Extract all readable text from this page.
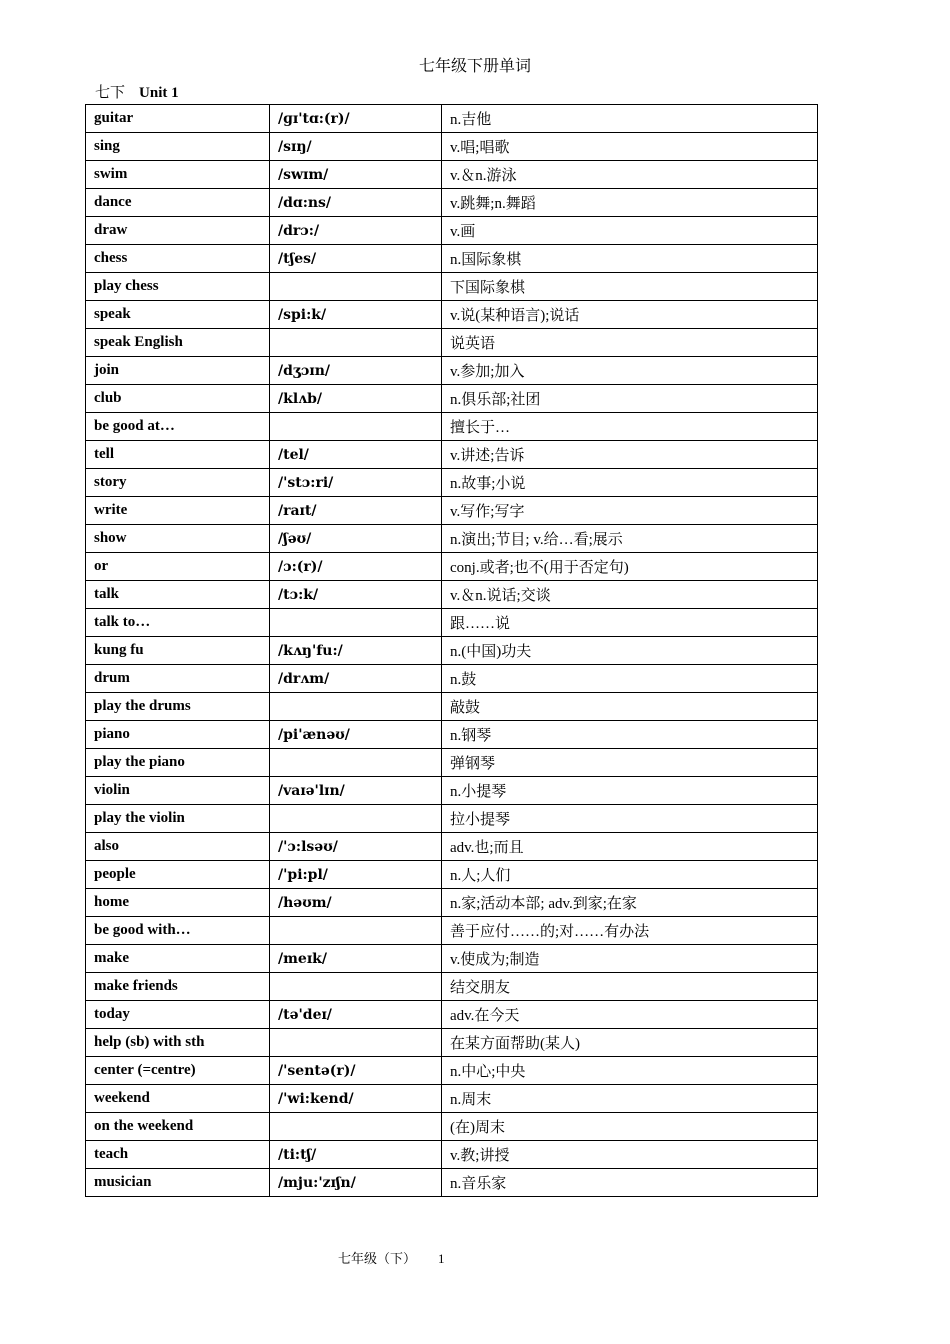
七年级下册单词
七下 Unit 1
guitar	/ɡɪ'tɑ:(r)/	n.吉他
sing	/sɪŋ/	v.唱;唱歌
swim	/swɪm/	v.＆n.游泳
dance	/dɑ:ns/	v.跳舞;n.舞蹈
draw	/drɔ:/	v.画
chess	/tʃes/	n.国际象棋
play chess		下国际象棋
speak	/spi:k/	v.说(某种语言);说话
speak English		说英语
join	/dʒɔɪn/	v.参加;加入
club	/klʌb/	n.俱乐部;社团
be good at…		擅长于…
tell	/tel/	v.讲述;告诉
story	/'stɔ:ri/	n.故事;小说
write	/raɪt/	v.写作;写字
show	/ʃəʊ/	n.演出;节目; v.给…看;展示
or	/ɔ:(r)/	conj.或者;也不(用于否定句)
talk	/tɔ:k/	v.＆n.说话;交谈
talk to…		跟……说
kung fu	/kʌŋ'fu:/	n.(中国)功夫
drum	/drʌm/	n.鼓
play the drums		敲鼓
piano	/pi'ænəʊ/	n.钢琴
play the piano		弹钢琴
violin	/vaɪə'lɪn/	n.小提琴
play the violin		拉小提琴
also	/'ɔ:lsəʊ/	adv.也;而且
people	/'pi:pl/	n.人;人们
home	/həʊm/	n.家;活动本部; adv.到家;在家
be good with…		善于应付……的;对……有办法
make	/meɪk/	v.使成为;制造
make friends		结交朋友
today	/tə'deɪ/	adv.在今天
help (sb) with sth		在某方面帮助(某人)
center (=centre)	/'sentə(r)/	n.中心;中央
weekend	/'wi:kend/	n.周末
on the weekend		(在)周末
teach	/ti:tʃ/	v.教;讲授
musician	/mju:'zɪʃn/	n.音乐家
七年级（下） 1
